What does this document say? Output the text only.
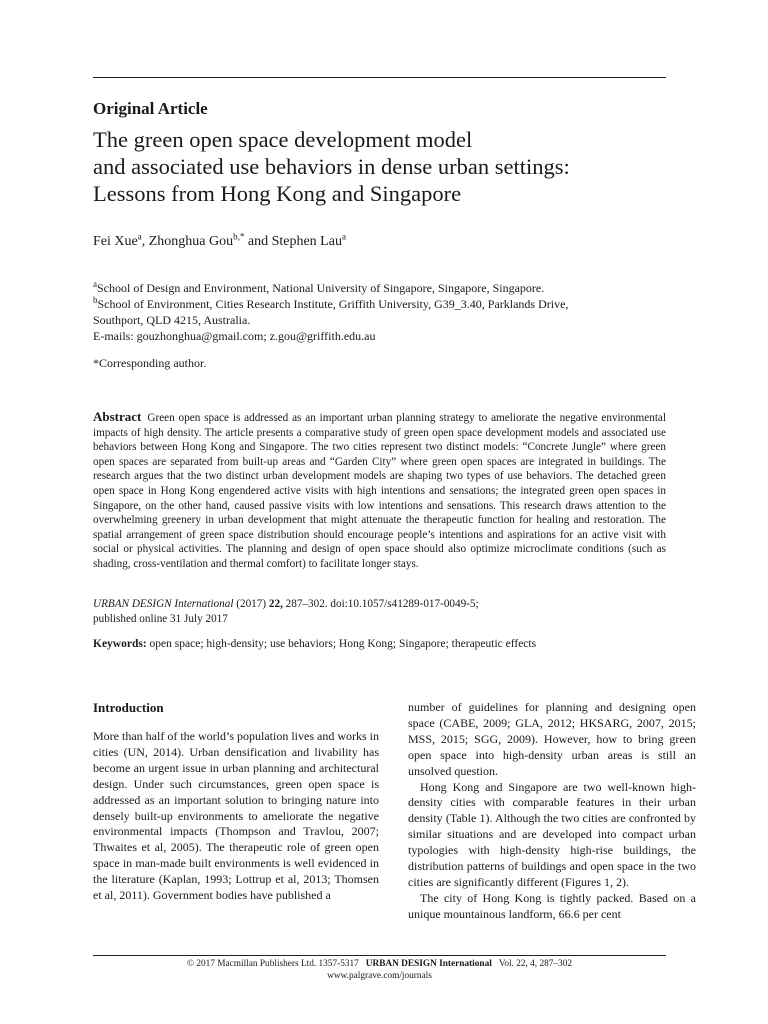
Original Article
The green open space development model
and associated use behaviors in dense urban settings:
Lessons from Hong Kong and Singapore
Fei Xue$^a$, Zhonghua Gou$^{b,*}$ and Stephen Lau$^a$
$^a$School of Design and Environment, National University of Singapore, Singapore, Singapore.
$^b$School of Environment, Cities Research Institute, Griffith University, G39_3.40, Parklands Drive,
Southport, QLD 4215, Australia.
E-mails: gouzhonghua@gmail.com; z.gou@griffith.edu.au
*Corresponding author.
Abstract Green open space is addressed as an important urban planning strategy to ameliorate the negative environmental impacts of high density. The article presents a comparative study of green open space development models and associated use behaviors between Hong Kong and Singapore. The two cities represent two distinct models: “Concrete Jungle” where green open spaces are separated from built-up areas and “Garden City” where green open spaces are integrated in buildings. The research argues that the two distinct urban development models are shaping two types of use behaviors. The detached green open space in Hong Kong engendered active visits with high intentions and sensations; the integrated green open spaces in Singapore, on the other hand, caused passive visits with low intentions and sensations. This research draws attention to the overwhelming greenery in urban development that might attenuate the therapeutic function for healing and restoration. The spatial arrangement of green space distribution should encourage people’s intentions and aspirations for an active visit with social or physical activities. The planning and design of open space should also optimize microclimate conditions (such as shading, cross-ventilation and thermal comfort) to facilitate longer stays.
URBAN DESIGN International (2017) 22, 287–302. doi:10.1057/s41289-017-0049-5;
published online 31 July 2017
Keywords: open space; high-density; use behaviors; Hong Kong; Singapore; therapeutic effects
Introduction

More than half of the world’s population lives and works in cities (UN, 2014). Urban densification and livability has become an urgent issue in urban planning and architectural design. Under such circumstances, green open space is addressed as an important solution to bringing nature into densely built-up environments to ameliorate the negative environmental impacts (Thompson and Travlou, 2007; Thwaites et al, 2005). The therapeutic role of green open space in man-made built environments is well evidenced in the literature (Kaplan, 1993; Lottrup et al, 2013; Thomsen et al, 2011). Government bodies have published a

number of guidelines for planning and designing open space (CABE, 2009; GLA, 2012; HKSARG, 2007, 2015; MSS, 2015; SGG, 2009). However, how to bring green open space into high-density urban areas is still an unsolved question.

Hong Kong and Singapore are two well-known high-density cities with comparable features in their urban density (Table 1). Although the two cities are confronted by similar situations and are developed into compact urban typologies with high-density high-rise buildings, the distribution patterns of buildings and open space in the two cities are significantly different (Figures 1, 2).

The city of Hong Kong is tightly packed. Based on a unique mountainous landform, 66.6 per cent

© 2017 Macmillan Publishers Ltd. 1357-5317 URBAN DESIGN International Vol. 22, 4, 287–302
www.palgrave.com/journals
